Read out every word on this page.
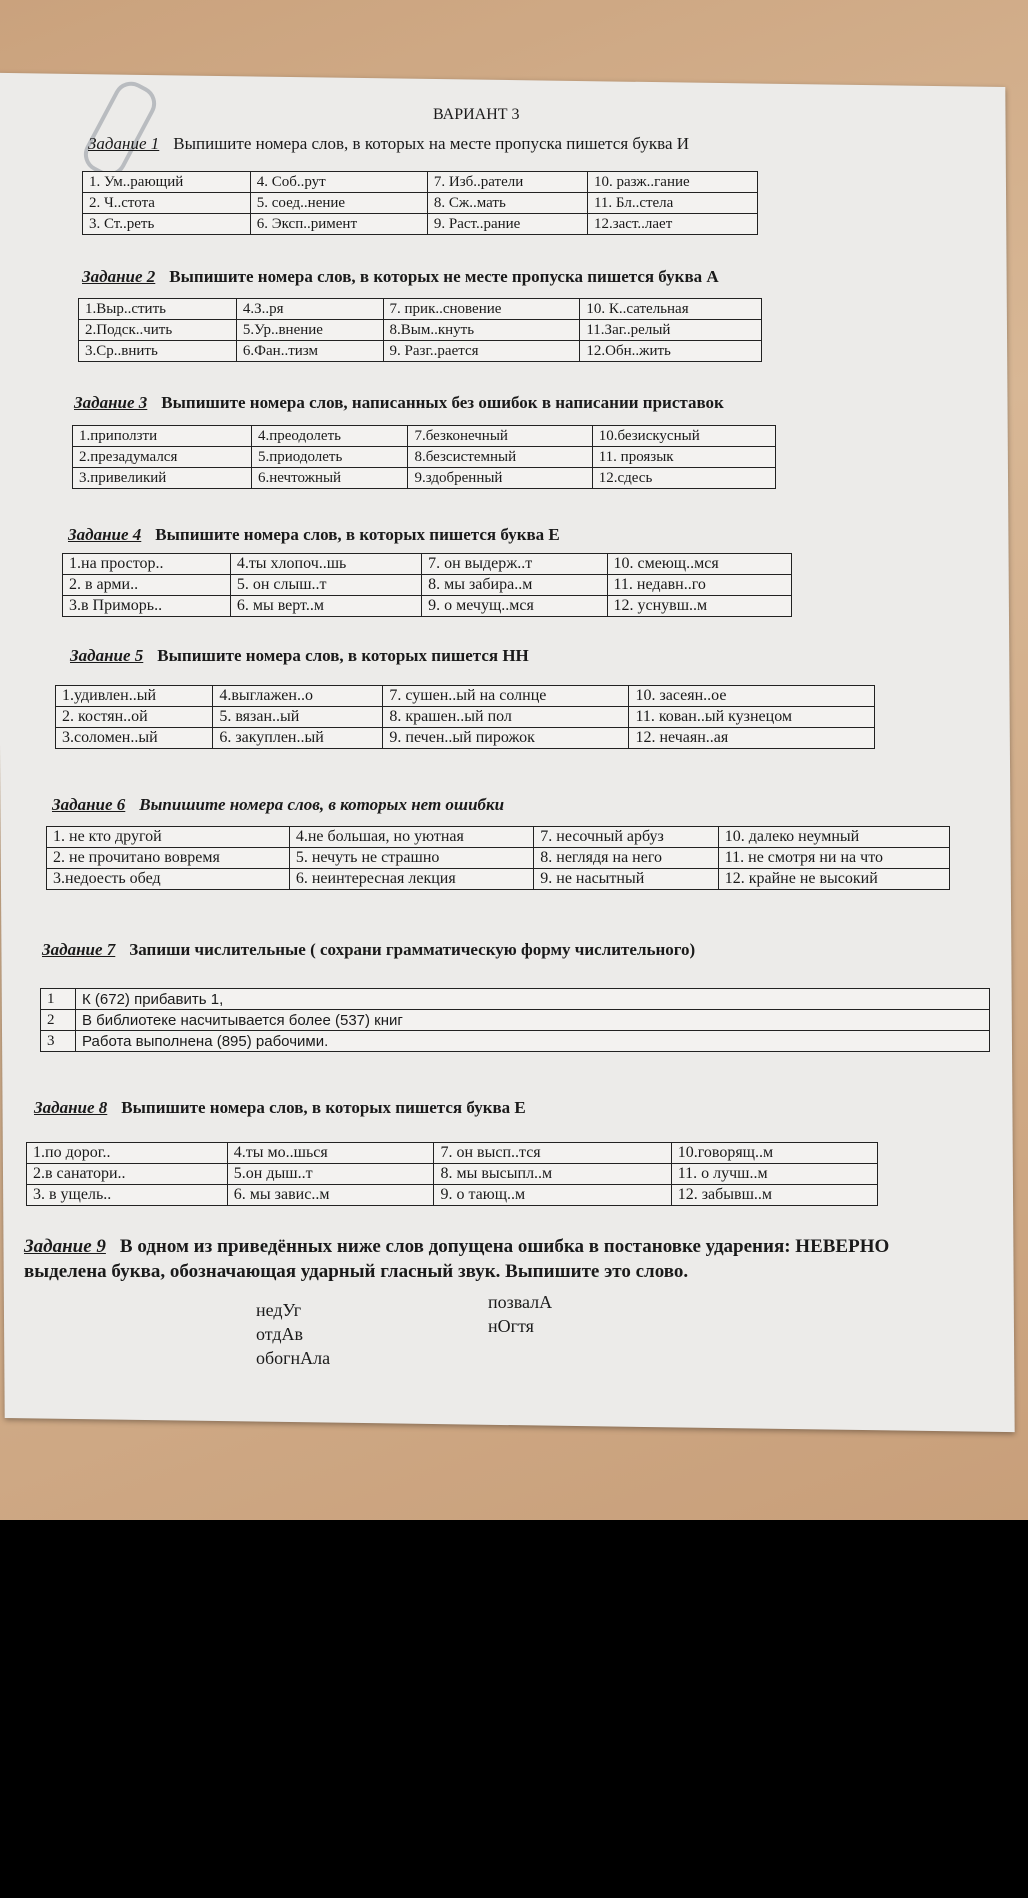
ВАРИАНТ 3
Задание 1 Выпишите номера слов, в которых на месте пропуска пишется буква И
1. Ум..рающий	4. Соб..рут	7. Изб..ратели	10. разж..гание
2. Ч..стота	5. соед..нение	8. Сж..мать	11. Бл..стела
3. Ст..реть	6. Эксп..римент	9. Раст..рание	12.заст..лает
Задание 2 Выпишите номера слов, в которых не месте пропуска пишется буква А
1.Выр..стить	4.З..ря	7. прик..сновение	10. К..сательная
2.Подск..чить	5.Ур..внение	8.Вым..кнуть	11.Заг..релый
3.Ср..внить	6.Фан..тизм	9. Разг..рается	12.Обн..жить
Задание 3 Выпишите номера слов, написанных без ошибок в написании приставок
1.приползти	4.преодолеть	7.безконечный	10.безискусный
2.презадумался	5.приодолеть	8.безсистемный	11. проязык
3.привеликий	6.нечтожный	9.здобренный	12.сдесь
Задание 4 Выпишите номера слов, в которых пишется буква Е
1.на простор..	4.ты хлопоч..шь	7. он выдерж..т	10. смеющ..мся
2. в арми..	5. он слыш..т	8. мы забира..м	11. недавн..го
3.в Приморь..	6. мы верт..м	9. о мечущ..мся	12. уснувш..м
Задание 5 Выпишите номера слов, в которых пишется НН
1.удивлен..ый	4.выглажен..о	7. сушен..ый на солнце	10. засеян..ое
2. костян..ой	5. вязан..ый	8. крашен..ый пол	11. кован..ый кузнецом
3.соломен..ый	6. закуплен..ый	9. печен..ый пирожок	12. нечаян..ая
Задание 6 Выпишите номера слов, в которых нет ошибки
1. не кто другой	4.не большая, но уютная	7. несочный арбуз	10. далеко неумный
2. не прочитано вовремя	5. нечуть не страшно	8. неглядя на него	11. не смотря ни на что
3.недоесть обед	6. неинтересная лекция	9. не насытный	12. крайне не высокий
Задание 7 Запиши числительные ( сохрани грамматическую форму числительного)
1	К (672) прибавить 1,
2	В библиотеке насчитывается более (537) книг
3	Работа выполнена (895) рабочими.
Задание 8 Выпишите номера слов, в которых пишется буква Е
1.по дорог..	4.ты мо..шься	7. он высп..тся	10.говорящ..м
2.в санатори..	5.он дыш..т	8. мы высыпл..м	11. о лучш..м
3. в ущель..	6. мы завис..м	9. о тающ..м	12. забывш..м
Задание 9 В одном из приведённых ниже слов допущена ошибка в постановке ударения: НЕВЕРНО
выделена буква, обозначающая ударный гласный звук. Выпишите это слово.
недУг
отдАв
обогнАла
позвалА
нОгтя
